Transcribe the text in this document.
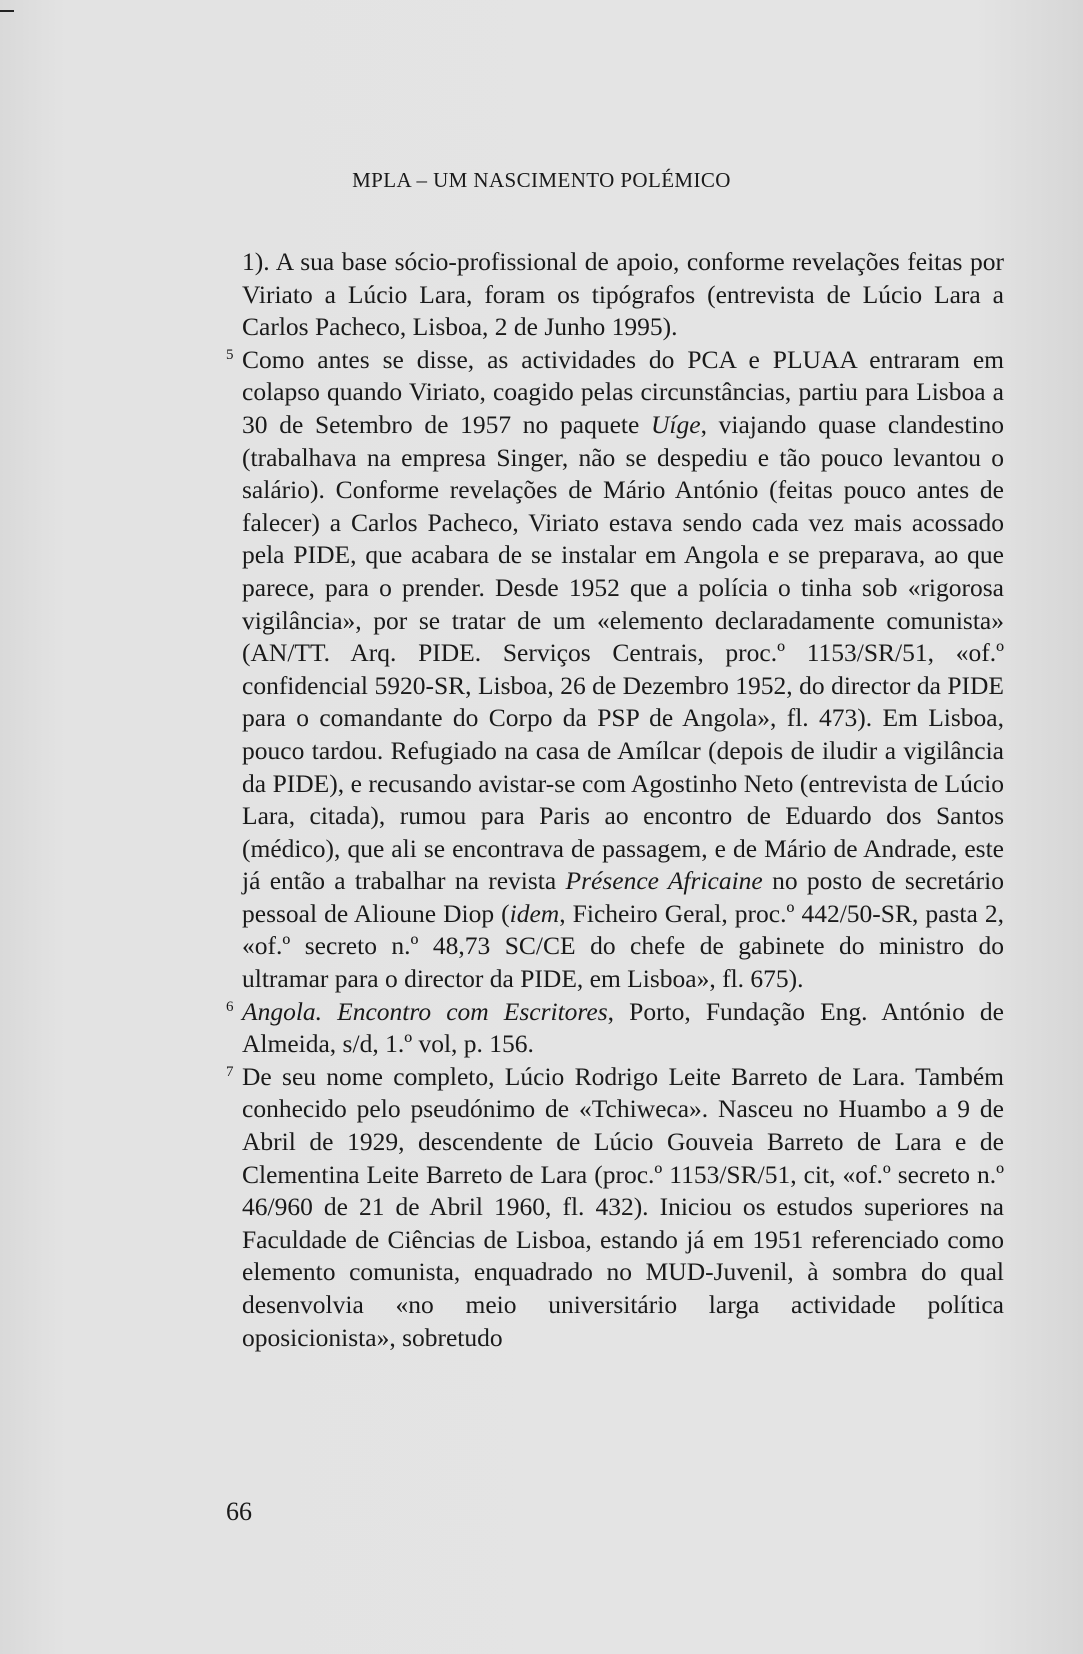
MPLA – UM NASCIMENTO POLÉMICO

1). A sua base sócio-profissional de apoio, conforme revelações feitas por Viriato a Lúcio Lara, foram os tipógrafos (entrevista de Lúcio Lara a Carlos Pacheco, Lisboa, 2 de Junho 1995).

5 Como antes se disse, as actividades do PCA e PLUAA entraram em colapso quando Viriato, coagido pelas circunstâncias, partiu para Lisboa a 30 de Setembro de 1957 no paquete Uíge, viajando quase clandestino (trabalhava na empresa Singer, não se despediu e tão pouco levantou o salário). Conforme revelações de Mário António (feitas pouco antes de falecer) a Carlos Pacheco, Viriato estava sendo cada vez mais acossado pela PIDE, que acabara de se instalar em Angola e se preparava, ao que parece, para o prender. Desde 1952 que a polícia o tinha sob «rigorosa vigilância», por se tratar de um «elemento declaradamente comunista» (AN/TT. Arq. PIDE. Serviços Centrais, proc.º 1153/SR/51, «of.º confidencial 5920-SR, Lisboa, 26 de Dezembro 1952, do director da PIDE para o comandante do Corpo da PSP de Angola», fl. 473). Em Lisboa, pouco tardou. Refugiado na casa de Amílcar (depois de iludir a vigilância da PIDE), e recusando avistar-se com Agostinho Neto (entrevista de Lúcio Lara, citada), rumou para Paris ao encontro de Eduardo dos Santos (médico), que ali se encontrava de passagem, e de Mário de Andrade, este já então a trabalhar na revista Présence Africaine no posto de secretário pessoal de Alioune Diop (idem, Ficheiro Geral, proc.º 442/50-SR, pasta 2, «of.º secreto n.º 48,73 SC/CE do chefe de gabinete do ministro do ultramar para o director da PIDE, em Lisboa», fl. 675).

6 Angola. Encontro com Escritores, Porto, Fundação Eng. António de Almeida, s/d, 1.º vol, p. 156.

7 De seu nome completo, Lúcio Rodrigo Leite Barreto de Lara. Também conhecido pelo pseudónimo de «Tchiweca». Nasceu no Huambo a 9 de Abril de 1929, descendente de Lúcio Gouveia Barreto de Lara e de Clementina Leite Barreto de Lara (proc.º 1153/SR/51, cit, «of.º secreto n.º 46/960 de 21 de Abril 1960, fl. 432). Iniciou os estudos superiores na Faculdade de Ciências de Lisboa, estando já em 1951 referenciado como elemento comunista, enquadrado no MUD-Juvenil, à sombra do qual desenvolvia «no meio universitário larga actividade política oposicionista», sobretudo

66
